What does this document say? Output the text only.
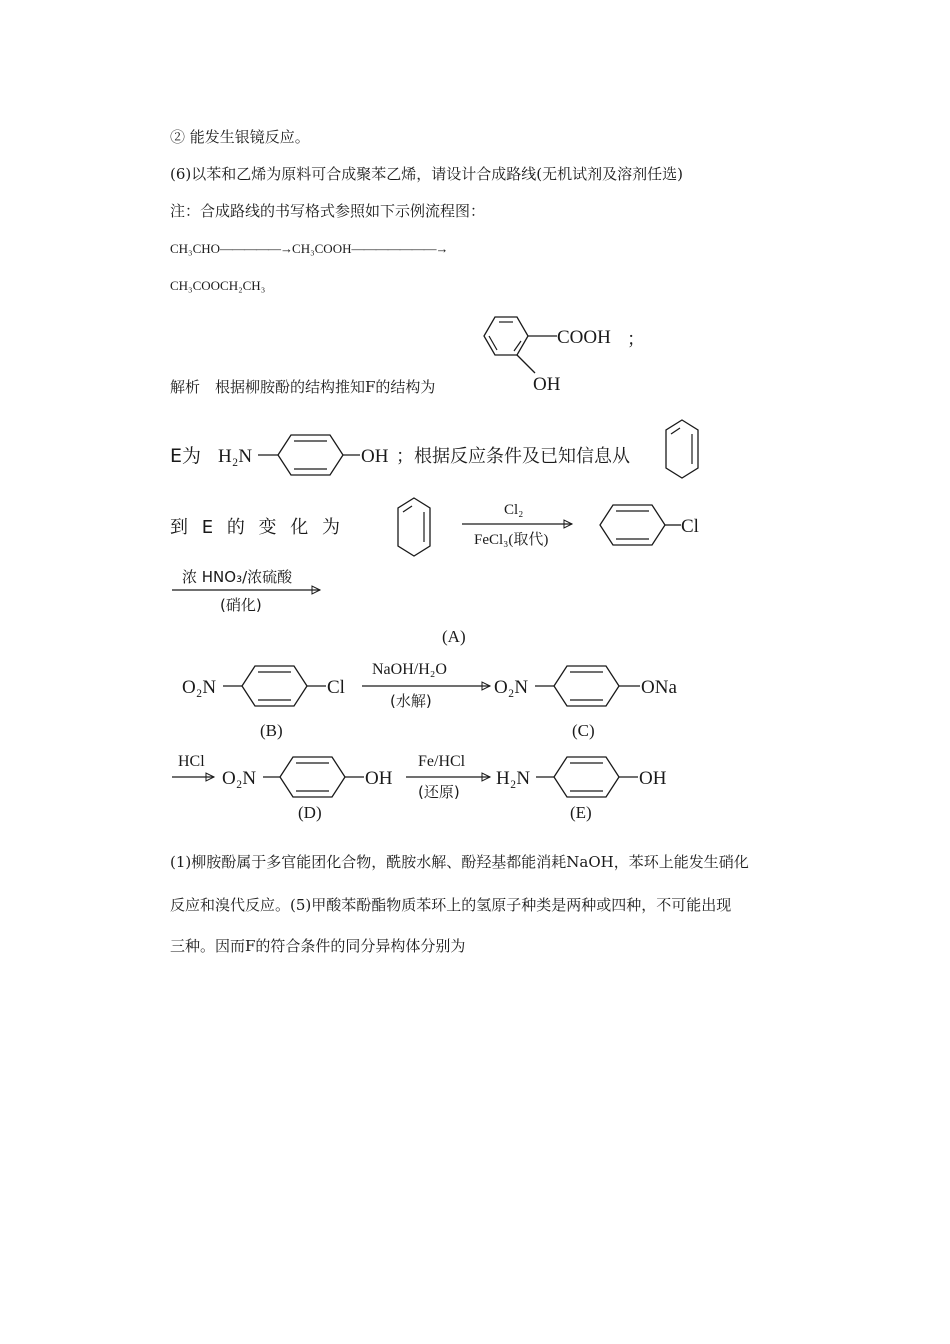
② 能发生银镜反应。
(6)以苯和乙烯为原料可合成聚苯乙烯，请设计合成路线(无机试剂及溶剂任选)
注：合成路线的书写格式参照如下示例流程图：
CH₃CHO—————→CH₃COOH———————→
CH₃COOCH₂CH₃
解析　根据柳胺酚的结构推知F的结构为
COOH
OH
；
E为 H₂N	OH ；根据反应条件及已知信息从
到 E 的 变 化 为
Cl₂
FeCl₃(取代)
Cl
浓 HNO₃/浓硫酸
(硝化)
(A)
O₂N	Cl
NaOH/H₂O
(水解)
O₂N	ONa
(B)	(C)
HCl
O₂N	OH
Fe/HCl
(还原)
H₂N	OH
(D)	(E)
(1)柳胺酚属于多官能团化合物，酰胺水解、酚羟基都能消耗NaOH，苯环上能发生硝化
反应和溴代反应。(5)甲酸苯酚酯物质苯环上的氢原子种类是两种或四种，不可能出现
三种。因而F的符合条件的同分异构体分别为
